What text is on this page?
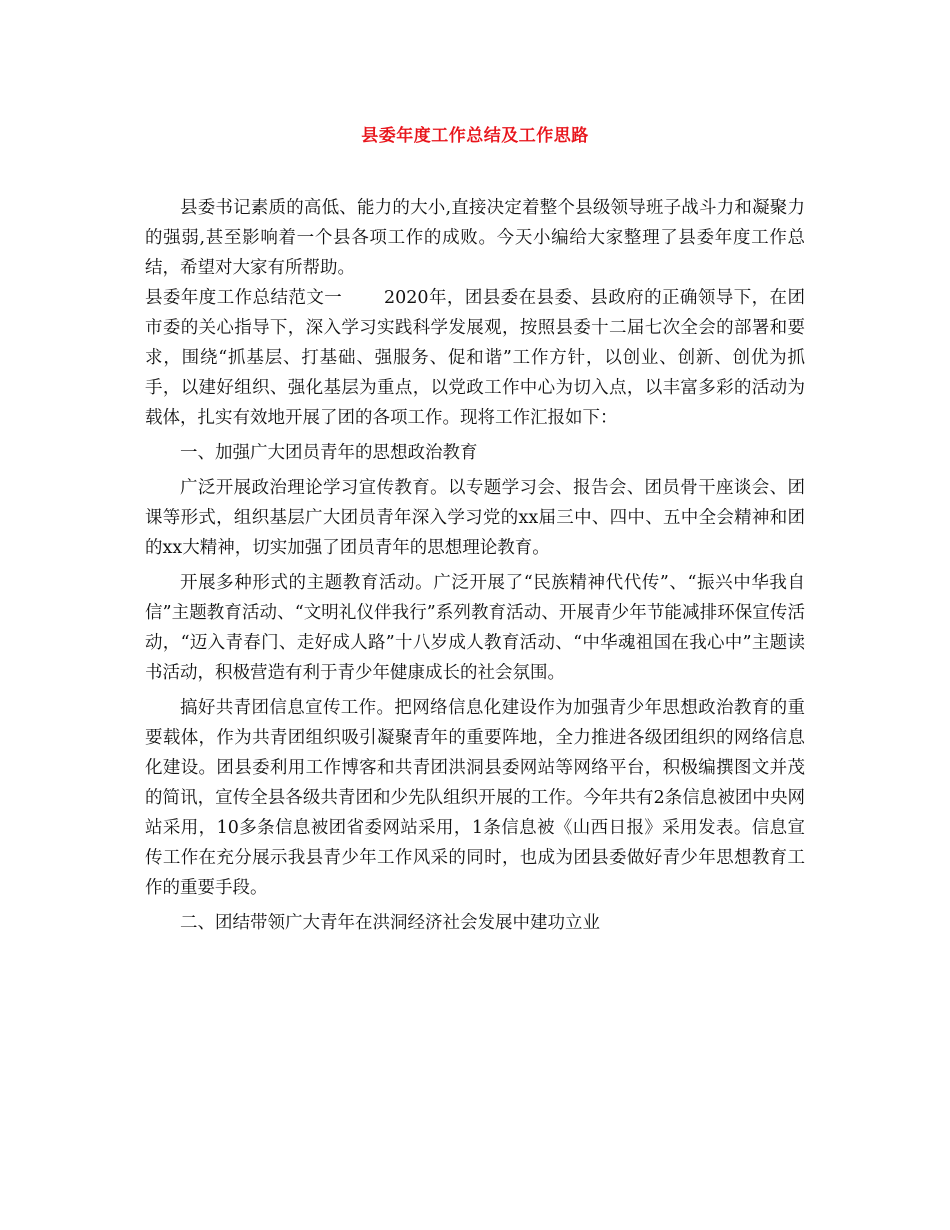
县委年度工作总结及工作思路

县委书记素质的高低、能力的大小,直接决定着整个县级领导班子战斗力和凝聚力的强弱,甚至影响着一个县各项工作的成败。今天小编给大家整理了县委年度工作总结，希望对大家有所帮助。

县委年度工作总结范文一　　 2020年，团县委在县委、县政府的正确领导下，在团市委的关心指导下，深入学习实践科学发展观，按照县委十二届七次全会的部署和要求，围绕“抓基层、打基础、强服务、促和谐”工作方针，以创业、创新、创优为抓手，以建好组织、强化基层为重点，以党政工作中心为切入点，以丰富多彩的活动为载体，扎实有效地开展了团的各项工作。现将工作汇报如下：

一、加强广大团员青年的思想政治教育

广泛开展政治理论学习宣传教育。以专题学习会、报告会、团员骨干座谈会、团课等形式，组织基层广大团员青年深入学习党的xx届三中、四中、五中全会精神和团的xx大精神，切实加强了团员青年的思想理论教育。

开展多种形式的主题教育活动。广泛开展了“民族精神代代传”、“振兴中华我自信”主题教育活动、“文明礼仪伴我行”系列教育活动、开展青少年节能减排环保宣传活动，“迈入青春门、走好成人路”十八岁成人教育活动、“中华魂祖国在我心中”主题读书活动，积极营造有利于青少年健康成长的社会氛围。

搞好共青团信息宣传工作。把网络信息化建设作为加强青少年思想政治教育的重要载体，作为共青团组织吸引凝聚青年的重要阵地，全力推进各级团组织的网络信息化建设。团县委利用工作博客和共青团洪洞县委网站等网络平台，积极编撰图文并茂的简讯，宣传全县各级共青团和少先队组织开展的工作。今年共有2条信息被团中央网站采用，10多条信息被团省委网站采用，1条信息被《山西日报》采用发表。信息宣传工作在充分展示我县青少年工作风采的同时，也成为团县委做好青少年思想教育工作的重要手段。

二、团结带领广大青年在洪洞经济社会发展中建功立业
